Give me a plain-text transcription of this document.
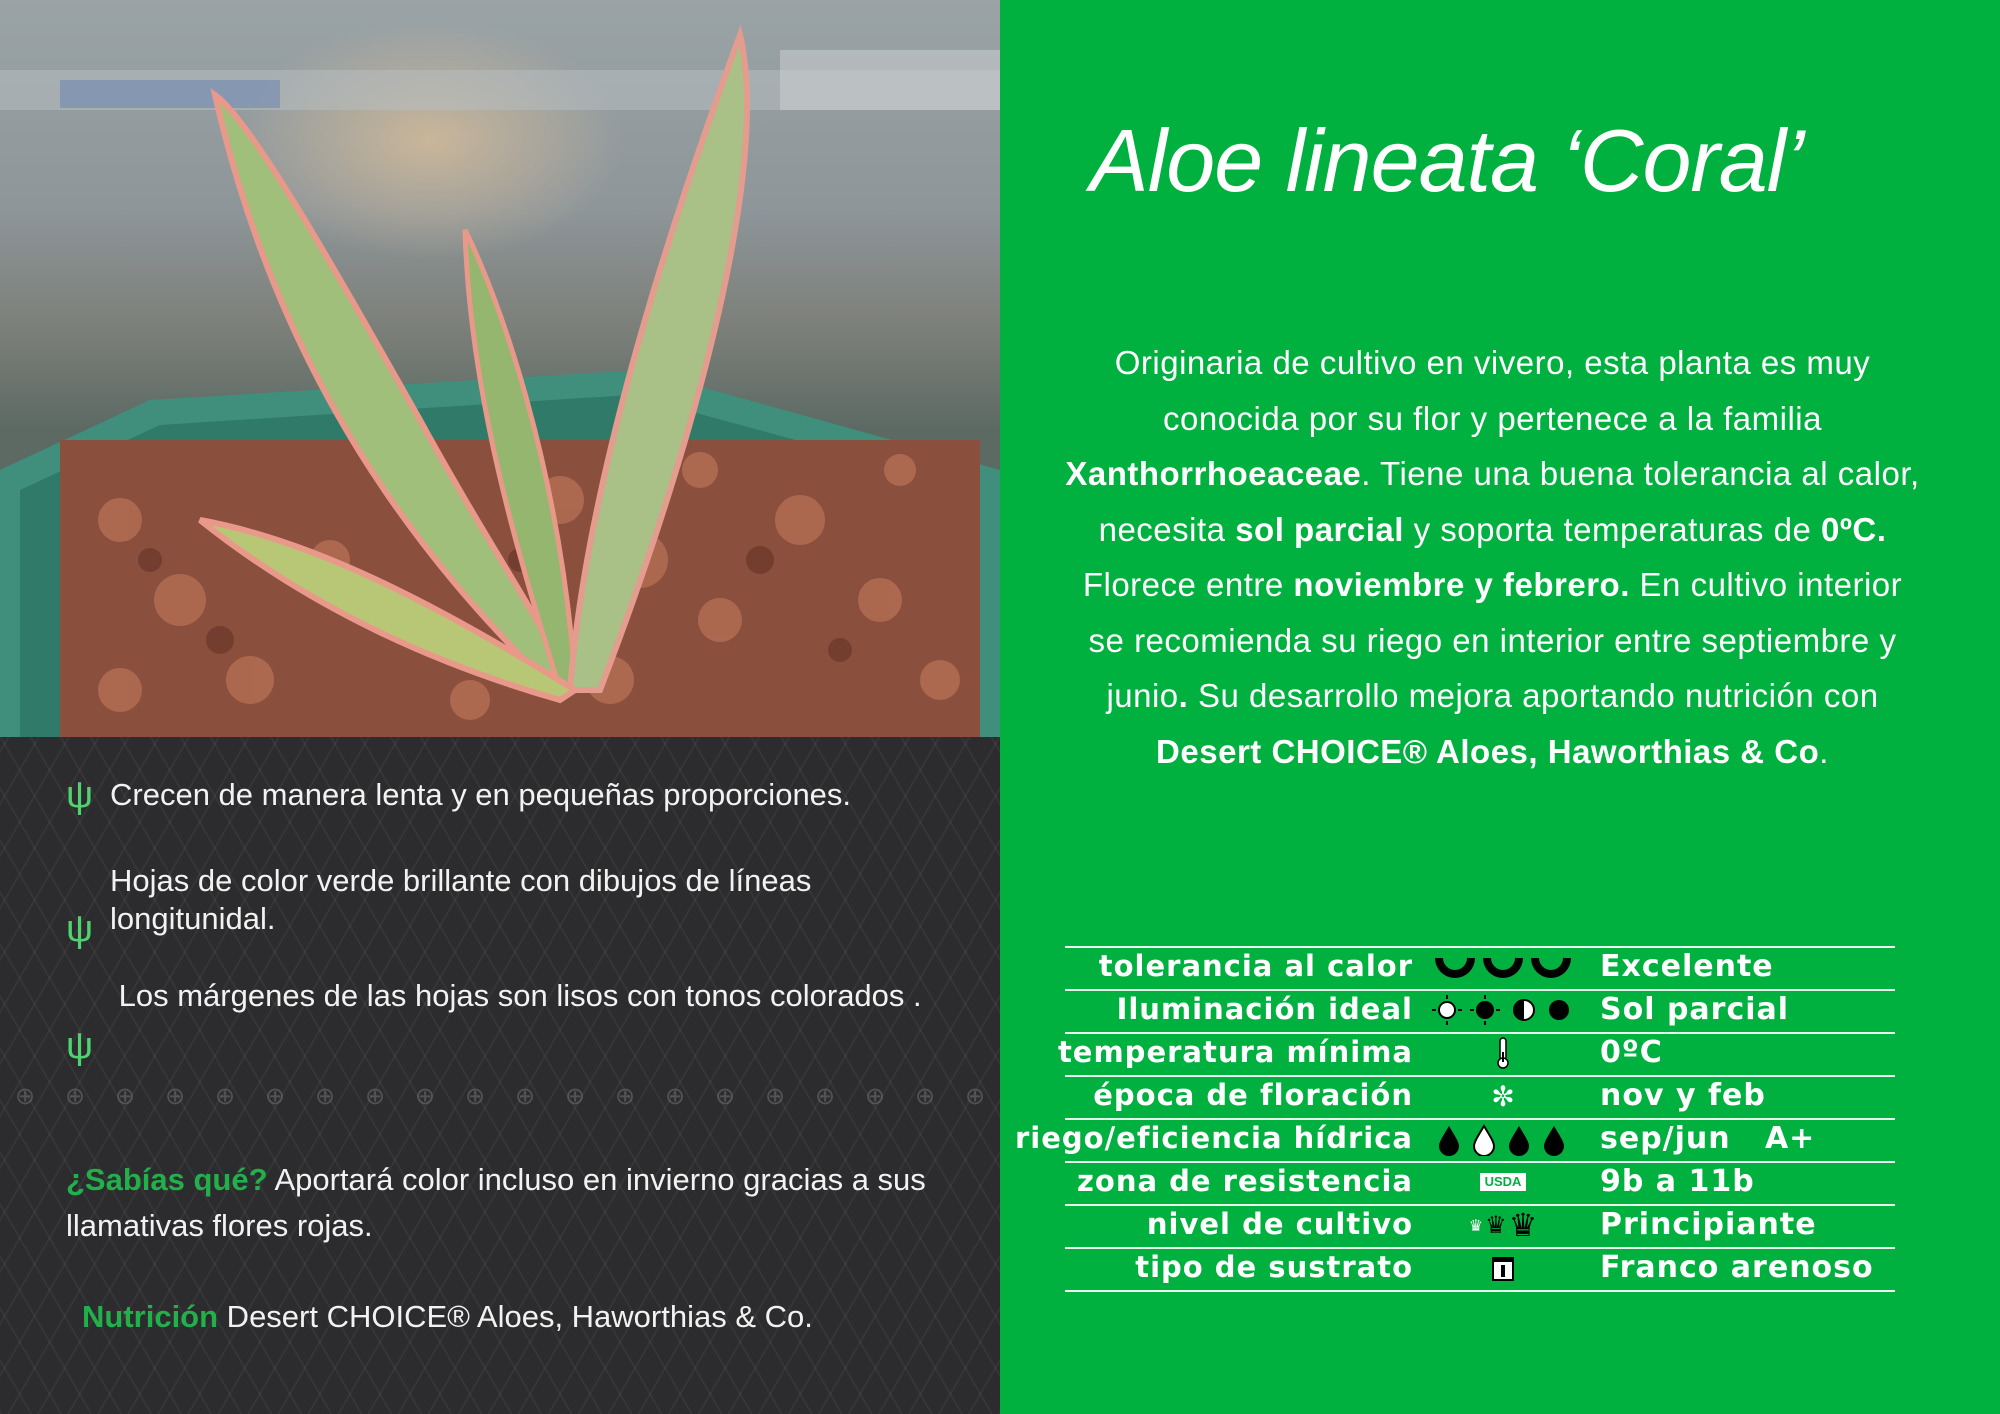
⊕ ⊕ ⊕ ⊕ ⊕ ⊕ ⊕ ⊕ ⊕ ⊕ ⊕ ⊕ ⊕ ⊕ ⊕ ⊕ ⊕ ⊕ ⊕ ⊕
ψ Crecen de manera lenta y en pequeñas proporciones.
ψ
Hojas de color verde brillante con dibujos de líneas longitunidal.
ψ
Los márgenes de las hojas son lisos con tonos colorados .
¿Sabías qué? Aportará color incluso en invierno gracias a sus llamativas flores rojas.
Nutrición Desert CHOICE® Aloes, Haworthias & Co.
Aloe lineata ‘Coral’
Originaria de cultivo en vivero, esta planta es muy conocida por su flor y pertenece a la familia Xanthorrhoeaceae. Tiene una buena tolerancia al calor, necesita sol parcial y soporta temperaturas de 0ºC. Florece entre noviembre y febrero. En cultivo interior se recomienda su riego en interior entre septiembre y junio. Su desarrollo mejora aportando nutrición con Desert CHOICE® Aloes, Haworthias & Co.
tolerancia al calor	Excelente
Iluminación ideal	Sol parcial
temperatura mínima	0ºC
época de floración	✼	nov y feb
riego/eficiencia hídrica	sep/jun   A+
zona de resistencia	USDA	9b a 11b
nivel de cultivo	♛ ♛ ♛ Principiante
tipo de sustrato	Franco arenoso
